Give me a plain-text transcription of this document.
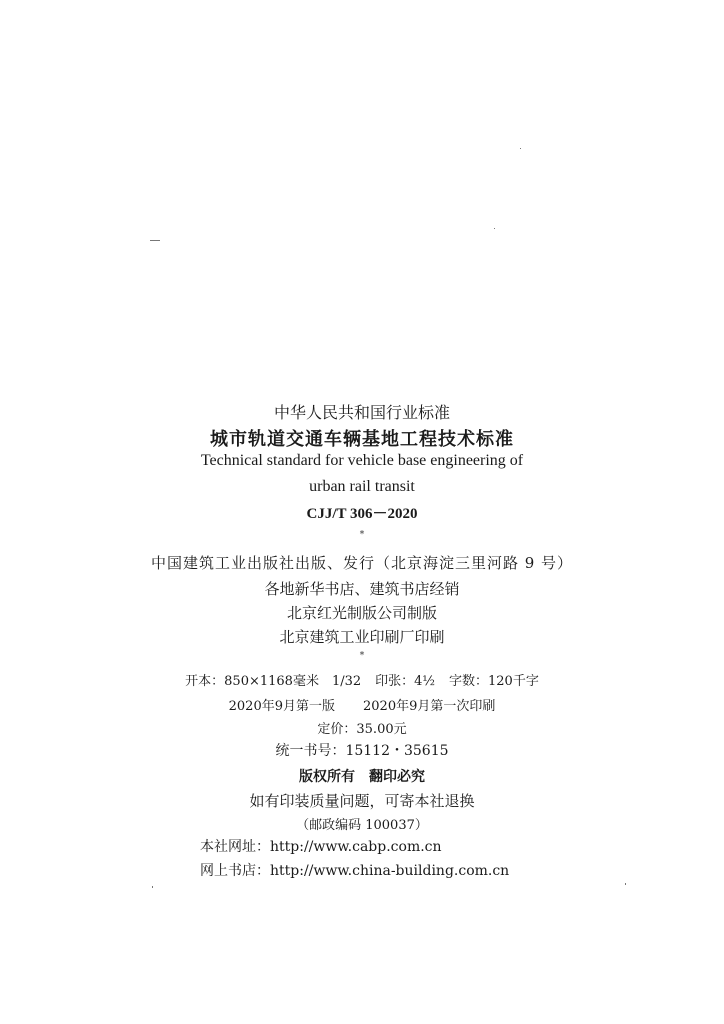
中华人民共和国行业标准
城市轨道交通车辆基地工程技术标准
Technical standard for vehicle base engineering of
urban rail transit
CJJ/T 306－2020
*
中国建筑工业出版社出版、发行（北京海淀三里河路 9 号）
各地新华书店、建筑书店经销
北京红光制版公司制版
北京建筑工业印刷厂印刷
*
开本：850×1168毫米　1/32 印张：4½ 字数：120千字
2020年9月第一版 2020年9月第一次印刷
定价：35.00元
统一书号：15112・35615
版权所有 翻印必究
如有印装质量问题，可寄本社退换
（邮政编码 100037）
本社网址：http://www.cabp.com.cn
网上书店：http://www.china-building.com.cn
